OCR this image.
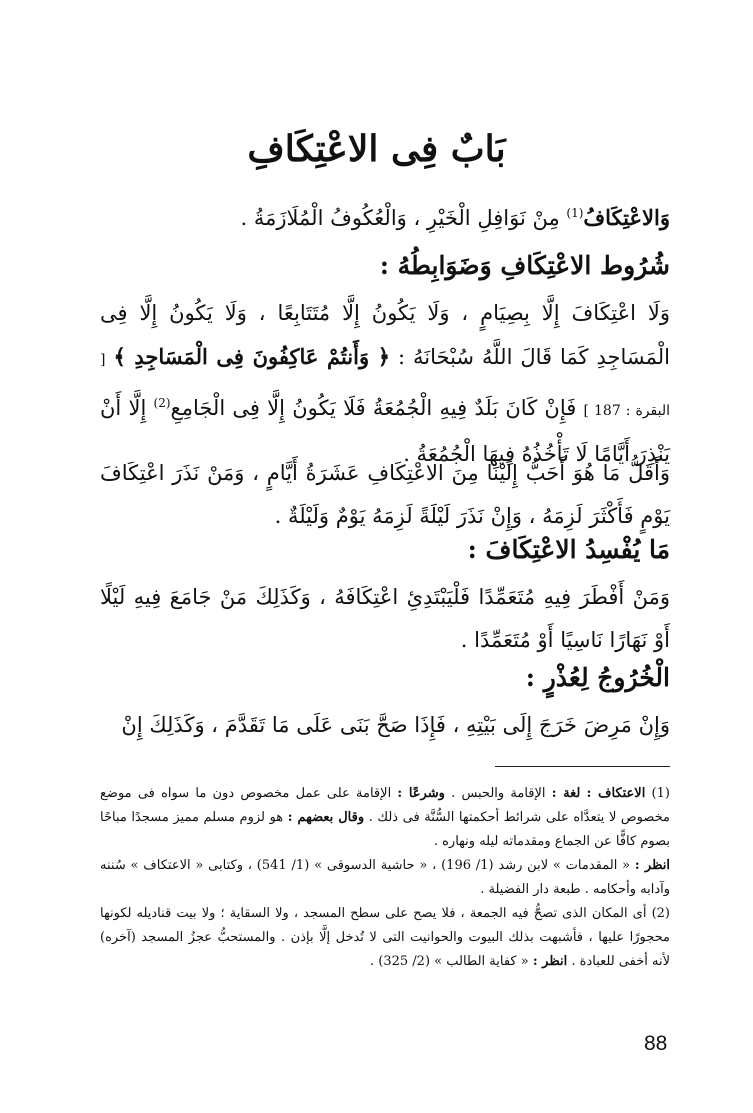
بَابٌ فِى الاعْتِكَافِ
وَالاعْتِكَافُ$^{(1)}$ مِنْ نَوَافِلِ الْخَيْرِ ، وَالْعُكُوفُ الْمُلَازَمَةُ .
شُرُوط الاعْتِكَافِ وَضَوَابِطُهُ :
وَلَا اعْتِكَافَ إِلَّا بِصِيَامٍ ، وَلَا يَكُونُ إِلَّا مُتَتَابِعًا ، وَلَا يَكُونُ إِلَّا فِى الْمَسَاجِدِ كَمَا قَالَ اللَّهُ سُبْحَانَهُ : ﴿ وَأَنتُمْ عَاكِفُونَ فِى الْمَسَاجِدِ ﴾ [ البقرة : 187 ] فَإِنْ كَانَ بَلَدٌ فِيهِ الْجُمُعَةُ فَلَا يَكُونُ إِلَّا فِى الْجَامِعِ$^{(2)}$ إِلَّا أَنْ يَنْذِرَ أَيَّامًا لَا تَأْخُذُهُ فِيهَا الْجُمُعَةُ .
وَأَقَلُّ مَا هُوَ أَحَبُّ إِلَيْنَا مِنَ الاعْتِكَافِ عَشَرَةُ أَيَّامٍ ، وَمَنْ نَذَرَ اعْتِكَافَ يَوْمٍ فَأَكْثَرَ لَزِمَهُ ، وَإِنْ نَذَرَ لَيْلَةً لَزِمَهُ يَوْمٌ وَلَيْلَةٌ .
مَا يُفْسِدُ الاعْتِكَافَ :
وَمَنْ أَفْطَرَ فِيهِ مُتَعَمِّدًا فَلْيَبْتَدِئِ اعْتِكَافَهُ ، وَكَذَلِكَ مَنْ جَامَعَ فِيهِ لَيْلًا أَوْ نَهَارًا نَاسِيًا أَوْ مُتَعَمِّدًا .
الْخُرُوجُ لِعُذْرٍ :
وَإِنْ مَرِضَ خَرَجَ إِلَى بَيْتِهِ ، فَإِذَا صَحَّ بَنَى عَلَى مَا تَقَدَّمَ ، وَكَذَلِكَ إِنْ
(1) الاعتكاف : لغة : الإقامة والحبس . وشرعًا : الإقامة على عمل مخصوص دون ما سواه فى موضع مخصوص لا يتعدَّاه على شرائط أحكمتها السُّنَّة فى ذلك . وقال بعضهم : هو لزوم مسلم مميز مسجدًا مباحًا بصوم كافًّا عن الجماع ومقدماته ليله ونهاره .
انظر : « المقدمات » لابن رشد (1/ 196) ، « حاشية الدسوقى » (1/ 541) ، وكتابى « الاعتكاف » سُننه وآدابه وأحكامه . طبعة دار الفضيلة .
(2) أى المكان الذى تصحُّ فيه الجمعة ، فلا يصح على سطح المسجد ، ولا السقاية ؛ ولا بيت قناديله لكونها محجورًا عليها ، فأشبهت بذلك البيوت والحوانيت التى لا تُدخل إلَّا بإذن . والمستحبُّ عجزُ المسجد (آخره) لأنه أخفى للعبادة . انظر : « كفاية الطالب » (2/ 325) .
88
